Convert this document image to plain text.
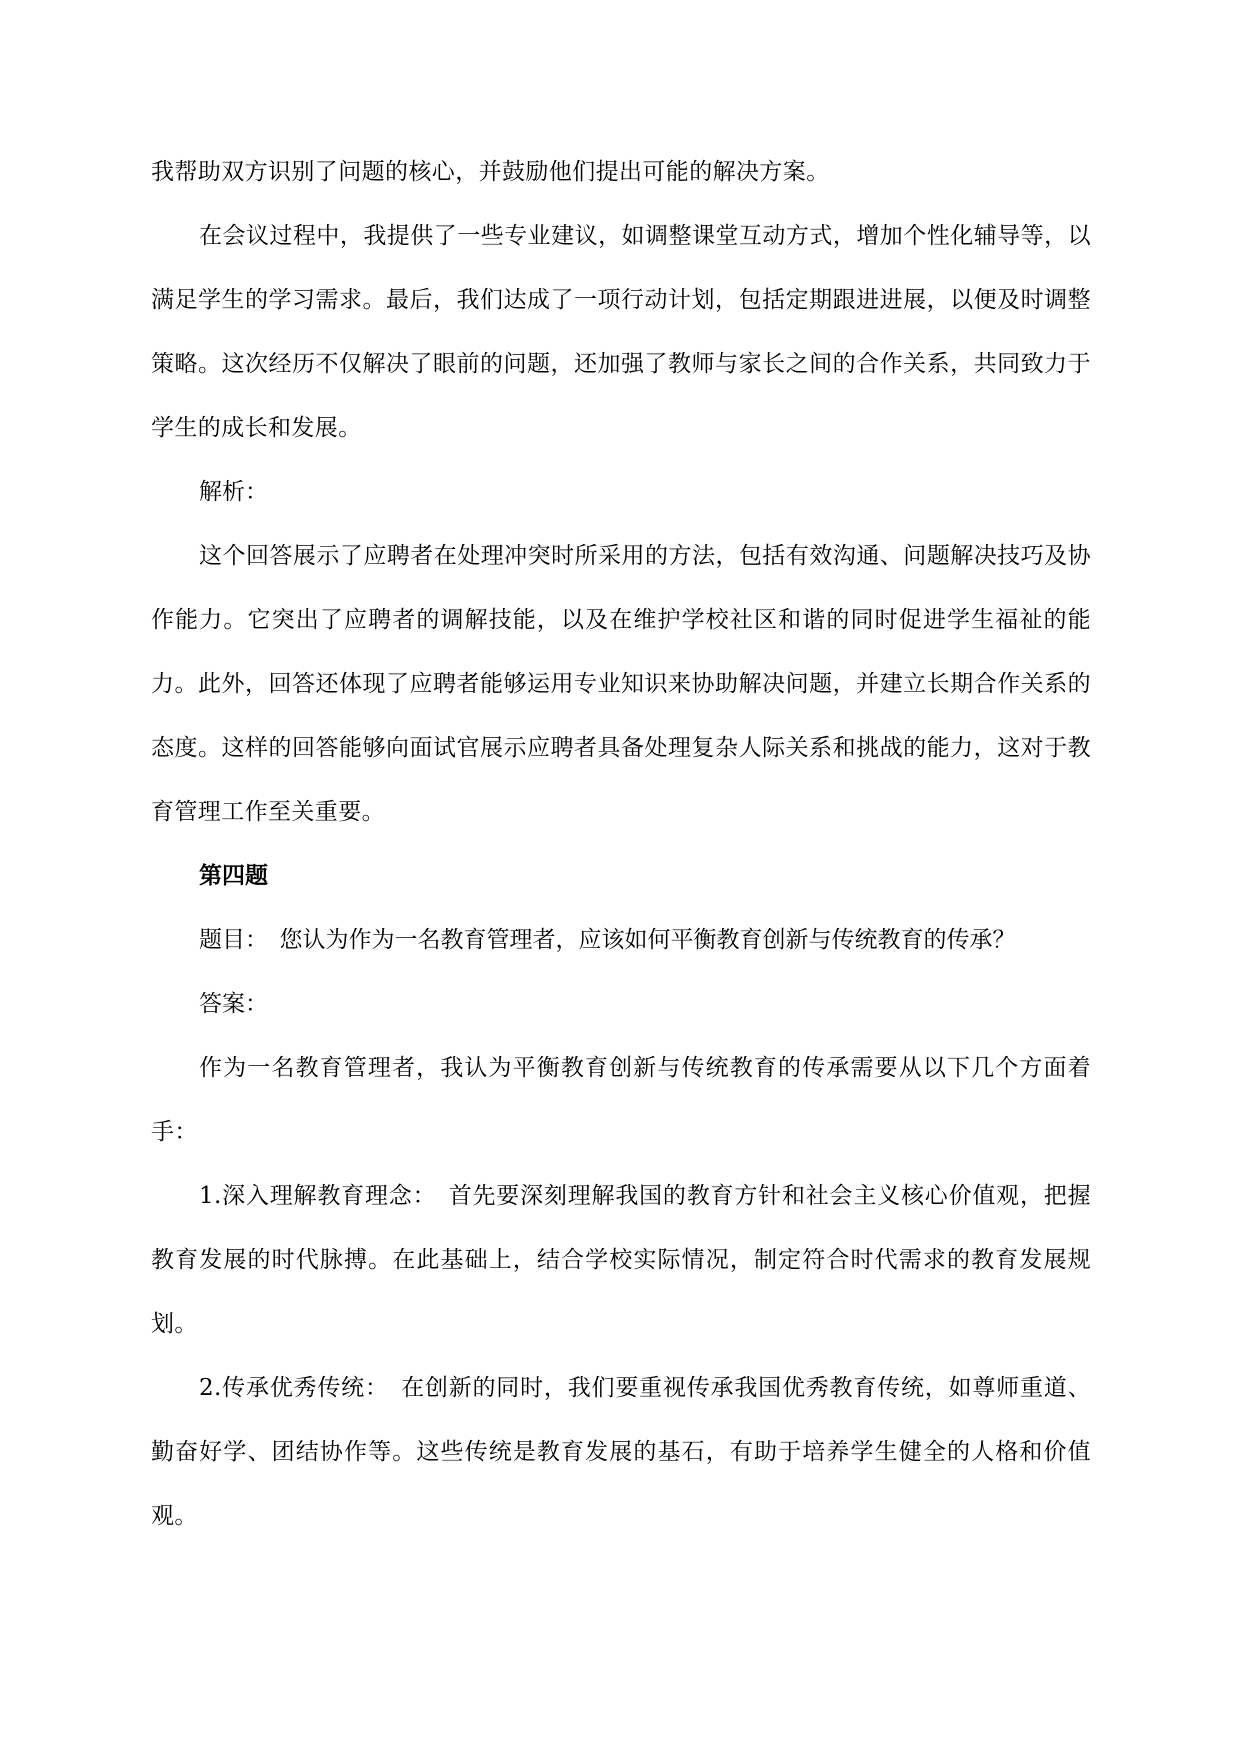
我帮助双方识别了问题的核心，并鼓励他们提出可能的解决方案。

在会议过程中，我提供了一些专业建议，如调整课堂互动方式，增加个性化辅导等，以满足学生的学习需求。最后，我们达成了一项行动计划，包括定期跟进进展，以便及时调整策略。这次经历不仅解决了眼前的问题，还加强了教师与家长之间的合作关系，共同致力于学生的成长和发展。

解析：

这个回答展示了应聘者在处理冲突时所采用的方法，包括有效沟通、问题解决技巧及协作能力。它突出了应聘者的调解技能，以及在维护学校社区和谐的同时促进学生福祉的能力。此外，回答还体现了应聘者能够运用专业知识来协助解决问题，并建立长期合作关系的态度。这样的回答能够向面试官展示应聘者具备处理复杂人际关系和挑战的能力，这对于教育管理工作至关重要。

第四题

题目：　您认为作为一名教育管理者，应该如何平衡教育创新与传统教育的传承？

答案：

作为一名教育管理者，我认为平衡教育创新与传统教育的传承需要从以下几个方面着手：

1.深入理解教育理念：　首先要深刻理解我国的教育方针和社会主义核心价值观，把握教育发展的时代脉搏。在此基础上，结合学校实际情况，制定符合时代需求的教育发展规划。

2.传承优秀传统：　在创新的同时，我们要重视传承我国优秀教育传统，如尊师重道、勤奋好学、团结协作等。这些传统是教育发展的基石，有助于培养学生健全的人格和价值观。
